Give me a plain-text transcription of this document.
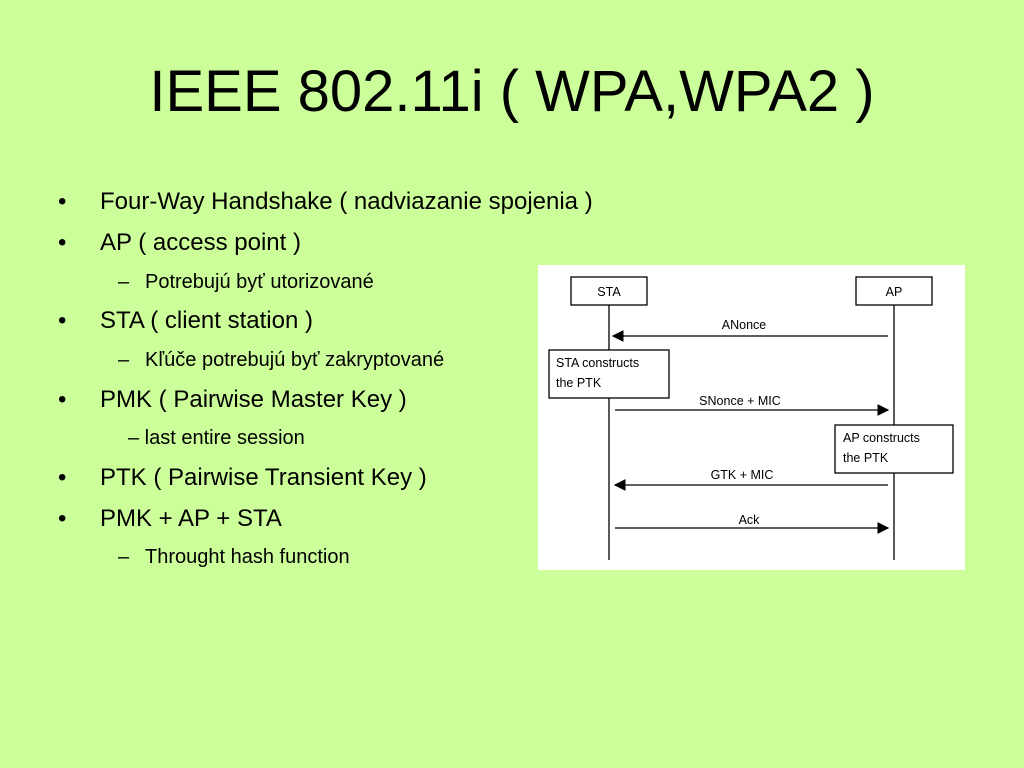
IEEE 802.11i ( WPA,WPA2 )
• Four-Way Handshake ( nadviazanie spojenia )
• AP ( access point )
– Potrebujú byť utorizované
• STA ( client station )
– Kľúče potrebujú byť zakryptované
• PMK ( Pairwise Master Key )
– last entire session
• PTK ( Pairwise Transient Key )
• PMK + AP + STA
– Throught hash function
STA	AP
ANonce
STA constructs
the PTK
SNonce + MIC
AP constructs
the PTK
GTK + MIC
Ack
